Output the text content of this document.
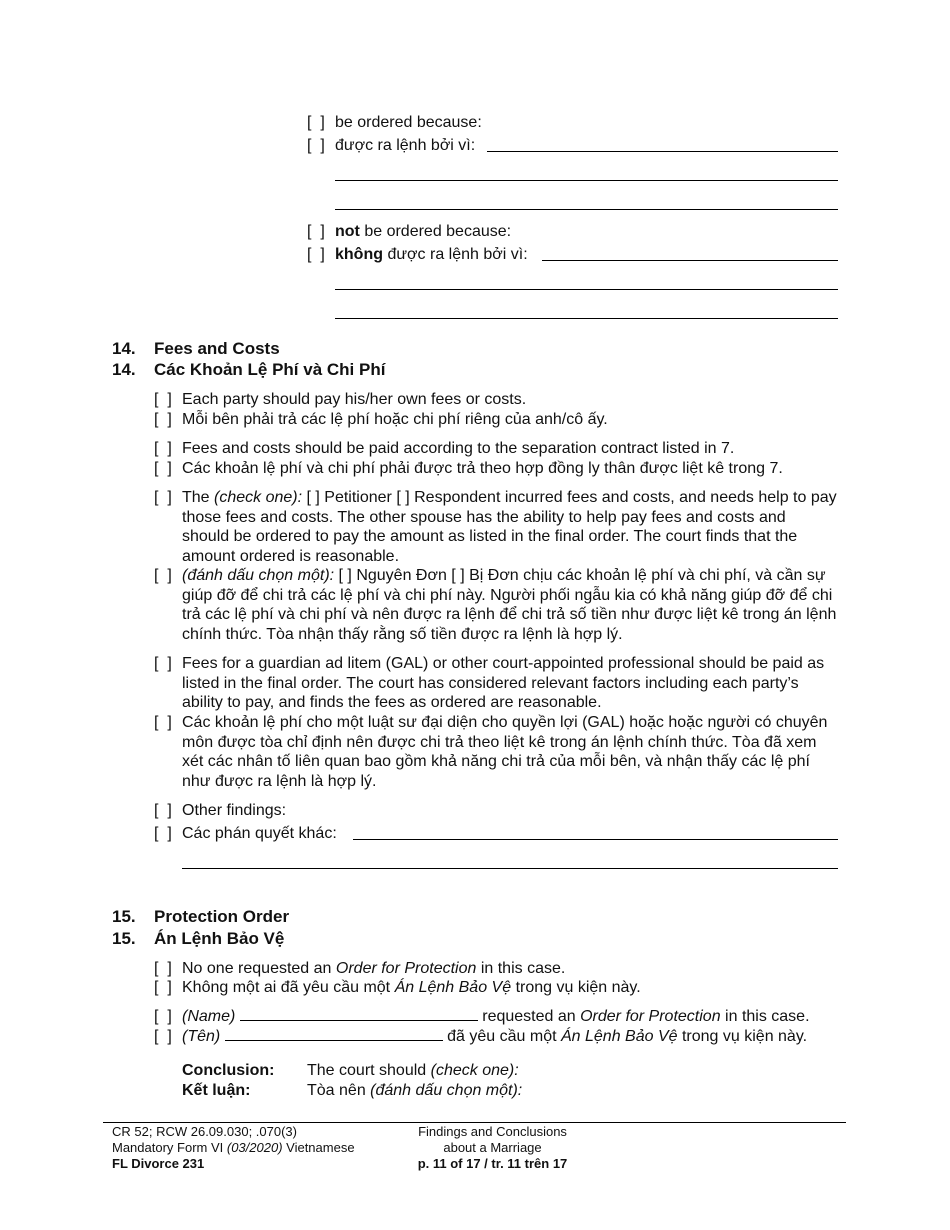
[  ] be ordered because:
[  ] được ra lệnh bởi vì:
[  ] not be ordered because:
[  ] không được ra lệnh bởi vì:
14. Fees and Costs
14. Các Khoản Lệ Phí và Chi Phí
[  ] Each party should pay his/her own fees or costs.
[  ] Mỗi bên phải trả các lệ phí hoặc chi phí riêng của anh/cô ấy.
[  ] Fees and costs should be paid according to the separation contract listed in 7.
[  ] Các khoản lệ phí và chi phí phải được trả theo hợp đồng ly thân được liệt kê trong 7.
[  ] The (check one): [ ] Petitioner [ ] Respondent incurred fees and costs, and needs help to pay those fees and costs. The other spouse has the ability to help pay fees and costs and should be ordered to pay the amount as listed in the final order. The court finds that the amount ordered is reasonable.
[  ] (đánh dấu chọn một): [ ] Nguyên Đơn [ ] Bị Đơn chịu các khoản lệ phí và chi phí, và cần sự giúp đỡ để chi trả các lệ phí và chi phí này. Người phối ngẫu kia có khả năng giúp đỡ để chi trả các lệ phí và chi phí và nên được ra lệnh để chi trả số tiền như được liệt kê trong án lệnh chính thức. Tòa nhận thấy rằng số tiền được ra lệnh là hợp lý.
[  ] Fees for a guardian ad litem (GAL) or other court-appointed professional should be paid as listed in the final order. The court has considered relevant factors including each party’s ability to pay, and finds the fees as ordered are reasonable.
[  ] Các khoản lệ phí cho một luật sư đại diện cho quyền lợi (GAL) hoặc hoặc người có chuyên môn được tòa chỉ định nên được chi trả theo liệt kê trong án lệnh chính thức. Tòa đã xem xét các nhân tố liên quan bao gồm khả năng chi trả của mỗi bên, và nhận thấy các lệ phí như được ra lệnh là hợp lý.
[  ] Other findings:
[  ] Các phán quyết khác:
15. Protection Order
15. Án Lệnh Bảo Vệ
[  ] No one requested an Order for Protection in this case.
[  ] Không một ai đã yêu cầu một Án Lệnh Bảo Vệ trong vụ kiện này.
[  ] (Name)	requested an Order for Protection in this case.
[  ] (Tên)	đã yêu cầu một Án Lệnh Bảo Vệ trong vụ kiện này.
Conclusion: The court should (check one):
Kết luận:	Tòa nên (đánh dấu chọn một):
CR 52; RCW 26.09.030; .070(3)
Mandatory Form VI (03/2020) Vietnamese
FL Divorce 231
Findings and Conclusions
about a Marriage
p. 11 of 17 / tr. 11 trên 17
